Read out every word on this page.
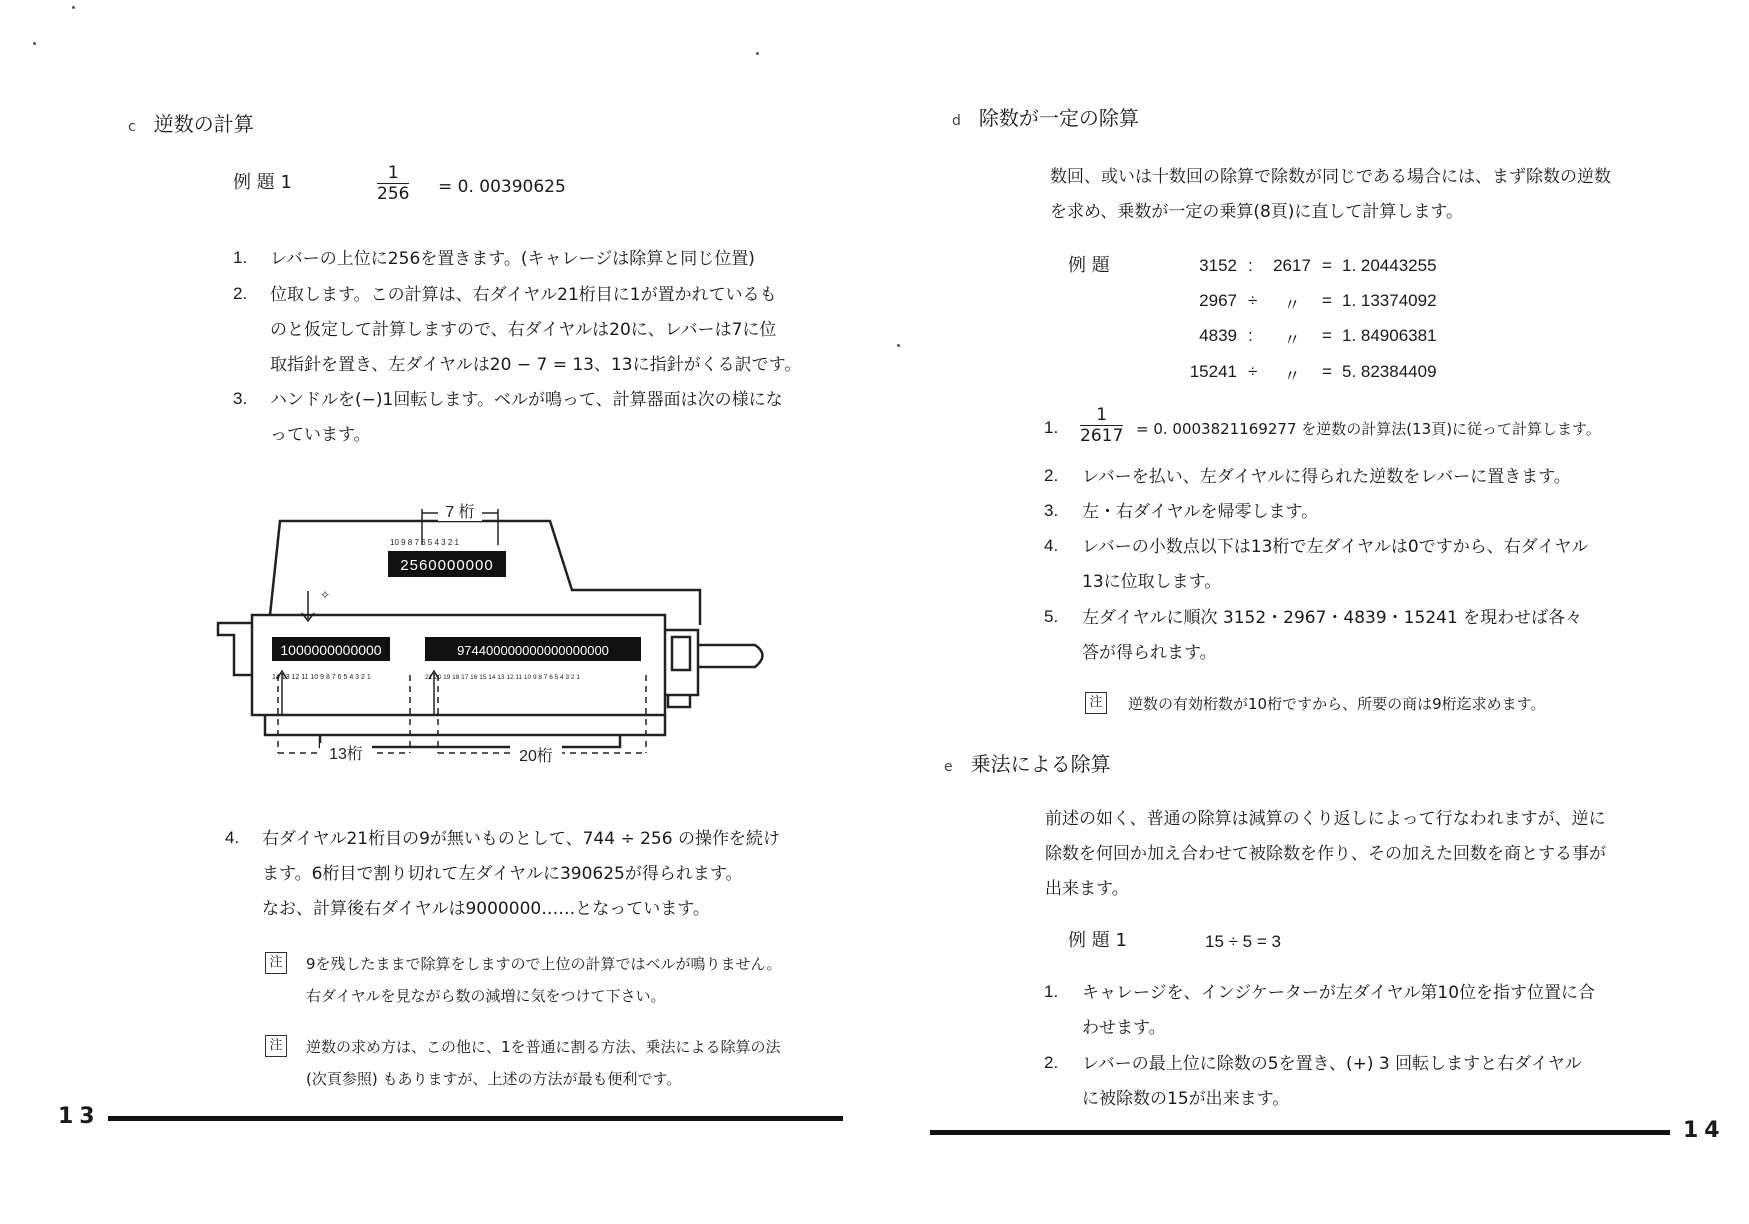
c 逆数の計算
例 題 1	$\frac{1}{256} = 0$. 00390625
1. レバーの上位に256を置きます。(キャレージは除算と同じ位置)
2. 位取します。この計算は、右ダイヤル21桁目に1が置かれているも
のと仮定して計算しますので、右ダイヤルは20に、レバーは7に位
取指針を置き、左ダイヤルは20 − 7 = 13、13に指針がくる訳です。
3. ハンドルを(−)1回転します。ベルが鳴って、計算器面は次の様にな
っています。
10 9 8 7 6 5 4 3 2 1
2560000000
7 桁
1000000000000
14 13 12 11 10 9 8 7 6 5 4 3 2 1
974400000000000000000
21 20 19 18 17 16 15 14 13 12 11 10 9 8 7 6 5 4 3 2 1
✧
13桁	20桁
4. 右ダイヤル21桁目の9が無いものとして、744 ÷ 256 の操作を続け
ます。6桁目で割り切れて左ダイヤルに390625が得られます。
なお、計算後右ダイヤルは9000000……となっています。
注	9を残したままで除算をしますので上位の計算ではベルが鳴りません。
右ダイヤルを見ながら数の減増に気をつけて下さい。
注	逆数の求め方は、この他に、1を普通に割る方法、乗法による除算の法
(次頁参照) もありますが、上述の方法が最も便利です。
13
d 除数が一定の除算
数回、或いは十数回の除算で除数が同じである場合には、まず除数の逆数
を求め、乗数が一定の乗算(8頁)に直して計算します。
例 題	3152 : 2617 = 1. 20443255
2967 ÷	〃	= 1. 13374092
4839 :	〃	= 1. 84906381
15241 ÷	〃	= 5. 82384409
1. $\frac{1}{2617} = 0$. 0003821169277 を逆数の計算法(13頁)に従って計算します。
2. レバーを払い、左ダイヤルに得られた逆数をレバーに置きます。
3. 左・右ダイヤルを帰零します。
4. レバーの小数点以下は13桁で左ダイヤルは0ですから、右ダイヤル
13に位取します。
5. 左ダイヤルに順次 3152・2967・4839・15241 を現わせば各々
答が得られます。
注	逆数の有効桁数が10桁ですから、所要の商は9桁迄求めます。
e 乗法による除算
前述の如く、普通の除算は減算のくり返しによって行なわれますが、逆に
除数を何回か加え合わせて被除数を作り、その加えた回数を商とする事が
出来ます。
例 題 1	15 ÷ 5 = 3
1. キャレージを、インジケーターが左ダイヤル第10位を指す位置に合
わせます。
2. レバーの最上位に除数の5を置き、(+) 3 回転しますと右ダイヤル
に被除数の15が出来ます。
14
